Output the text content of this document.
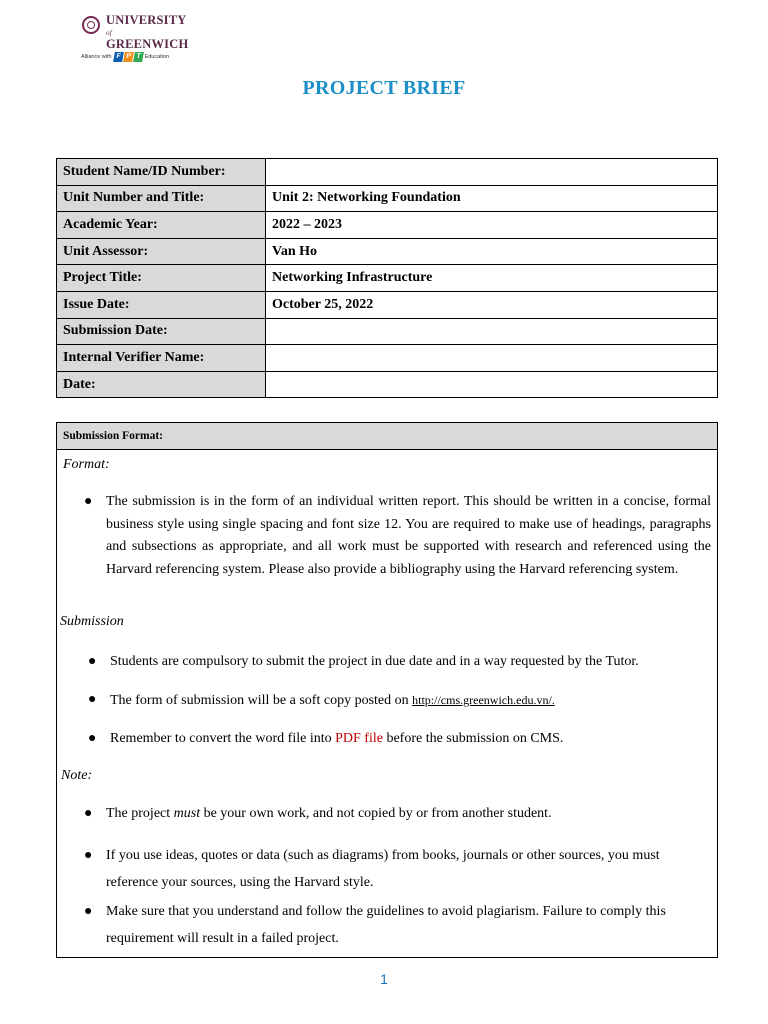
UNIVERSITY of
GREENWICH
Alliance with F P T Education
PROJECT BRIEF
Student Name/ID Number:	
Unit Number and Title:	Unit 2: Networking Foundation
Academic Year:	2022 – 2023
Unit Assessor:	Van Ho
Project Title:	Networking Infrastructure
Issue Date:	October 25, 2022
Submission Date:	
Internal Verifier Name:	
Date:	
Submission Format:
Format:
● The submission is in the form of an individual written report. This should be written in a concise, formal business style using single spacing and font size 12. You are required to make use of headings, paragraphs and subsections as appropriate, and all work must be supported with research and referenced using the Harvard referencing system. Please also provide a bibliography using the Harvard referencing system.
Submission
● Students are compulsory to submit the project in due date and in a way requested by the Tutor.
● The form of submission will be a soft copy posted on http://cms.greenwich.edu.vn/.
● Remember to convert the word file into PDF file before the submission on CMS.
Note:
● The project must be your own work, and not copied by or from another student.
● If you use ideas, quotes or data (such as diagrams) from books, journals or other sources, you must reference your sources, using the Harvard style.
● Make sure that you understand and follow the guidelines to avoid plagiarism. Failure to comply this requirement will result in a failed project.
1
